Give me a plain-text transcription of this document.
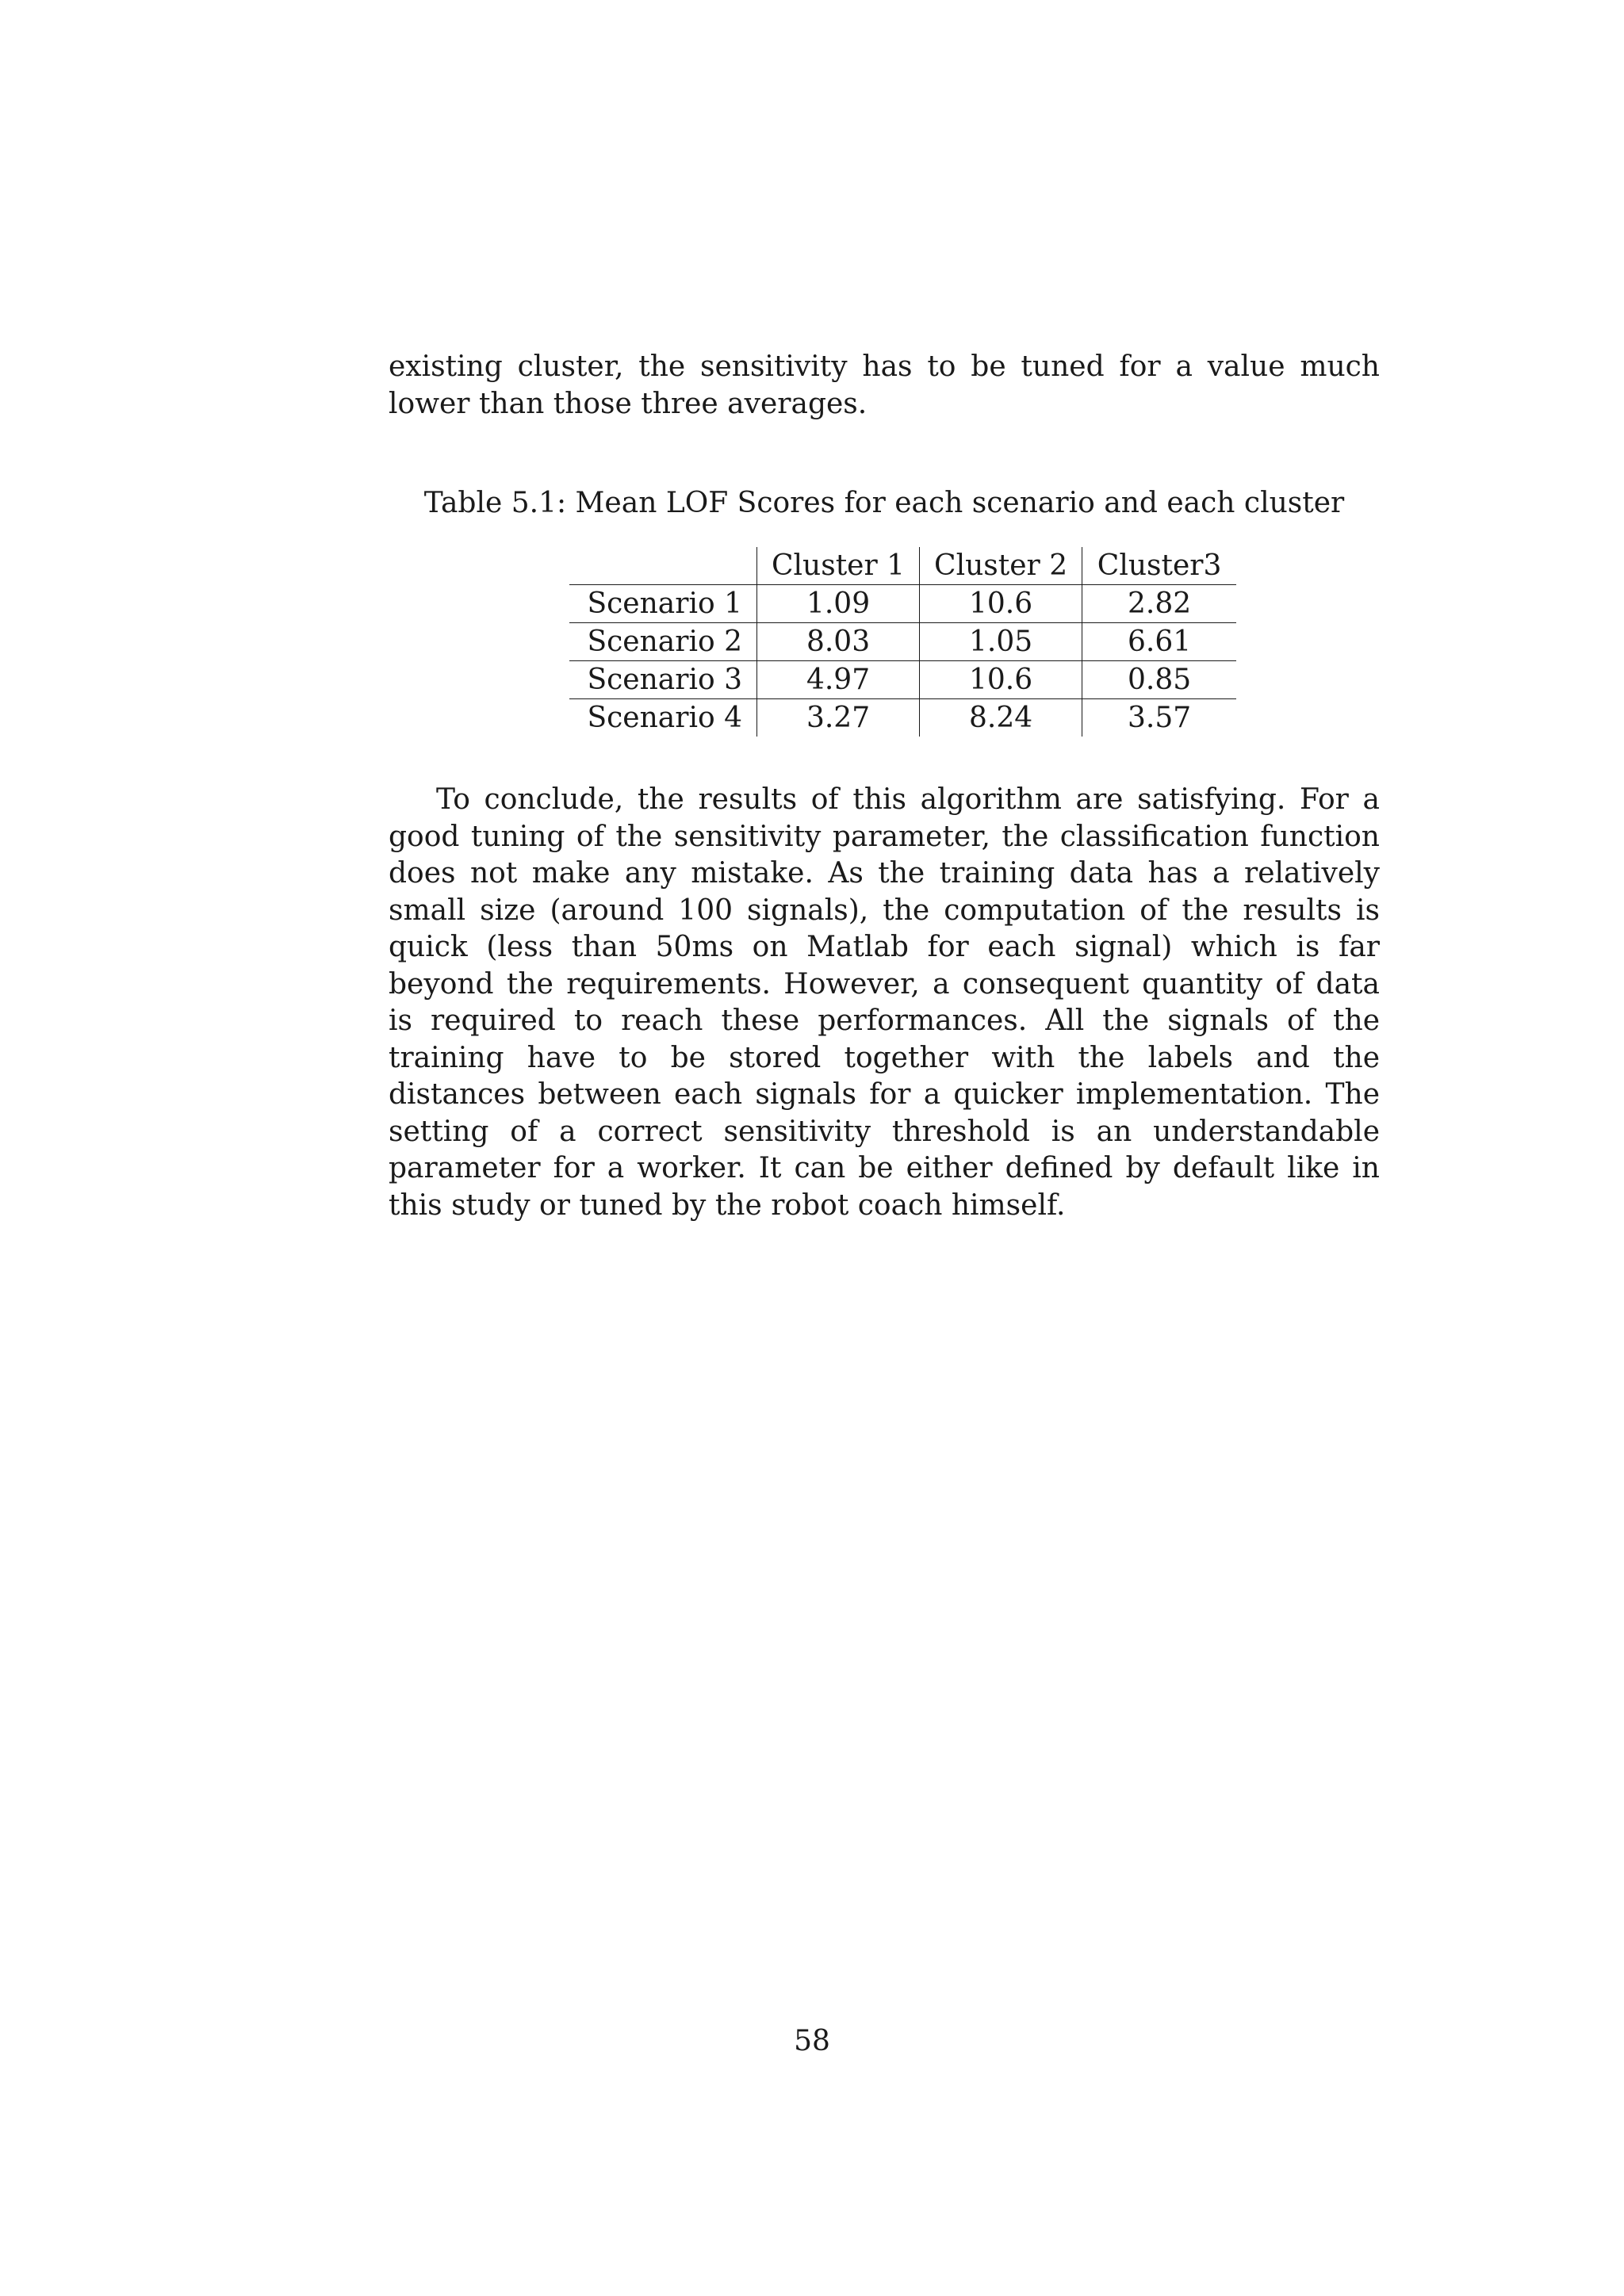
existing cluster, the sensitivity has to be tuned for a value much lower than those three averages.

Table 5.1: Mean LOF Scores for each scenario and each cluster
	Cluster 1	Cluster 2	Cluster3
Scenario 1	1.09	10.6	2.82
Scenario 2	8.03	1.05	6.61
Scenario 3	4.97	10.6	0.85
Scenario 4	3.27	8.24	3.57

To conclude, the results of this algorithm are satisfying. For a good tuning of the sensitivity parameter, the classification function does not make any mistake. As the training data has a relatively small size (around 100 signals), the computation of the results is quick (less than 50ms on Matlab for each signal) which is far beyond the requirements. However, a consequent quantity of data is required to reach these performances. All the signals of the training have to be stored together with the labels and the distances between each signals for a quicker implementation. The setting of a correct sensitivity threshold is an understandable parameter for a worker. It can be either defined by default like in this study or tuned by the robot coach himself.

58
